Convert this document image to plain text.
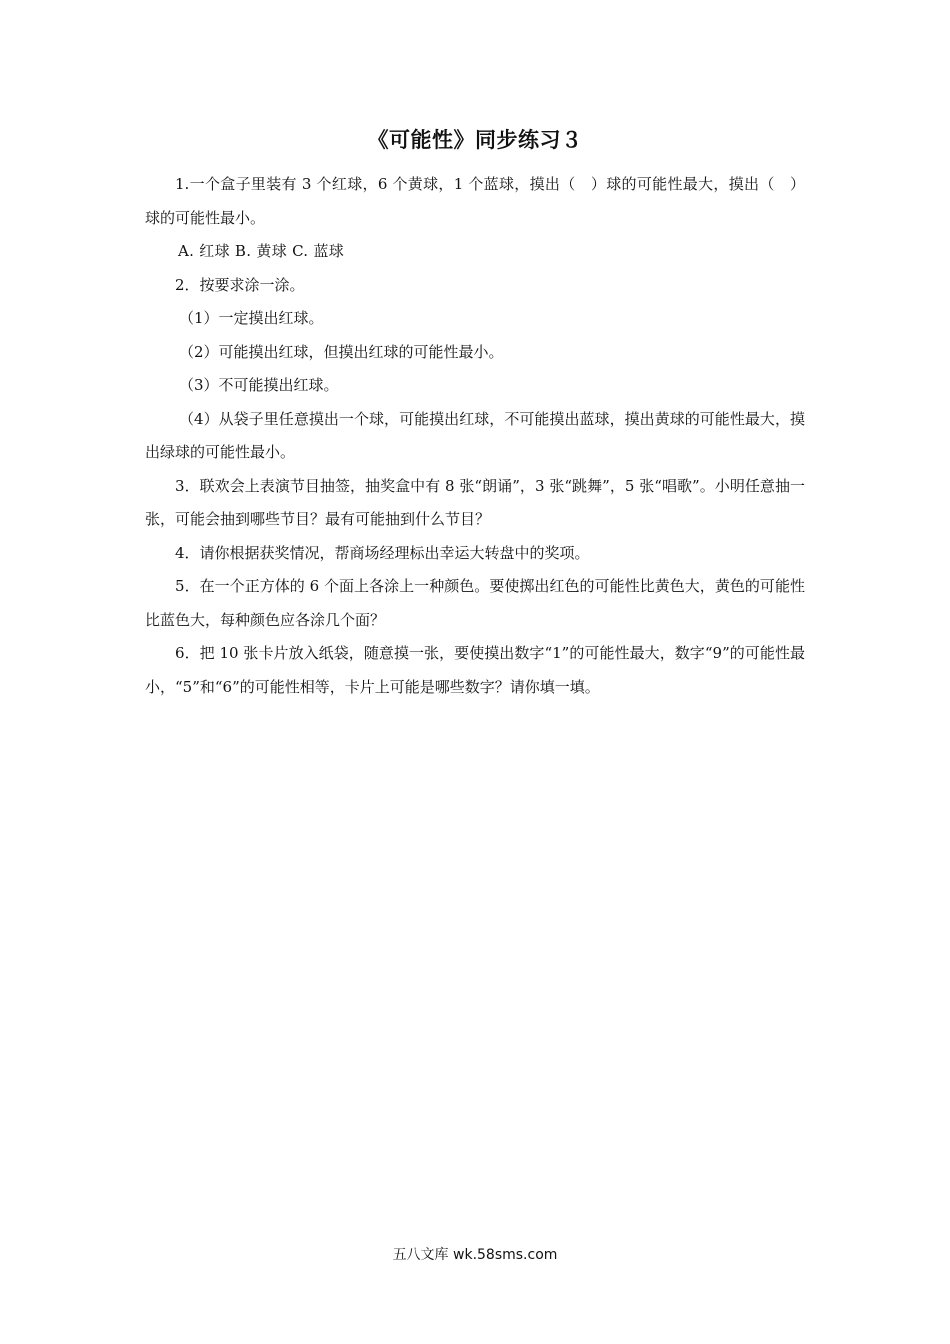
《可能性》同步练习３

1.一个盒子里装有 3 个红球，6 个黄球，1 个蓝球，摸出（　）球的可能性最大，摸出（　）球的可能性最小。

A. 红球 B. 黄球 C. 蓝球

2．按要求涂一涂。

（1）一定摸出红球。

（2）可能摸出红球，但摸出红球的可能性最小。

（3）不可能摸出红球。

（4）从袋子里任意摸出一个球，可能摸出红球，不可能摸出蓝球，摸出黄球的可能性最大，摸出绿球的可能性最小。

3．联欢会上表演节目抽签，抽奖盒中有 8 张“朗诵”，3 张“跳舞”，5 张“唱歌”。小明任意抽一张，可能会抽到哪些节目？最有可能抽到什么节目？

4．请你根据获奖情况，帮商场经理标出幸运大转盘中的奖项。

5．在一个正方体的 6 个面上各涂上一种颜色。要使掷出红色的可能性比黄色大，黄色的可能性比蓝色大，每种颜色应各涂几个面？

6．把 10 张卡片放入纸袋，随意摸一张，要使摸出数字“1”的可能性最大，数字“9”的可能性最小，“5”和“6”的可能性相等，卡片上可能是哪些数字？请你填一填。

五八文库 wk.58sms.com
